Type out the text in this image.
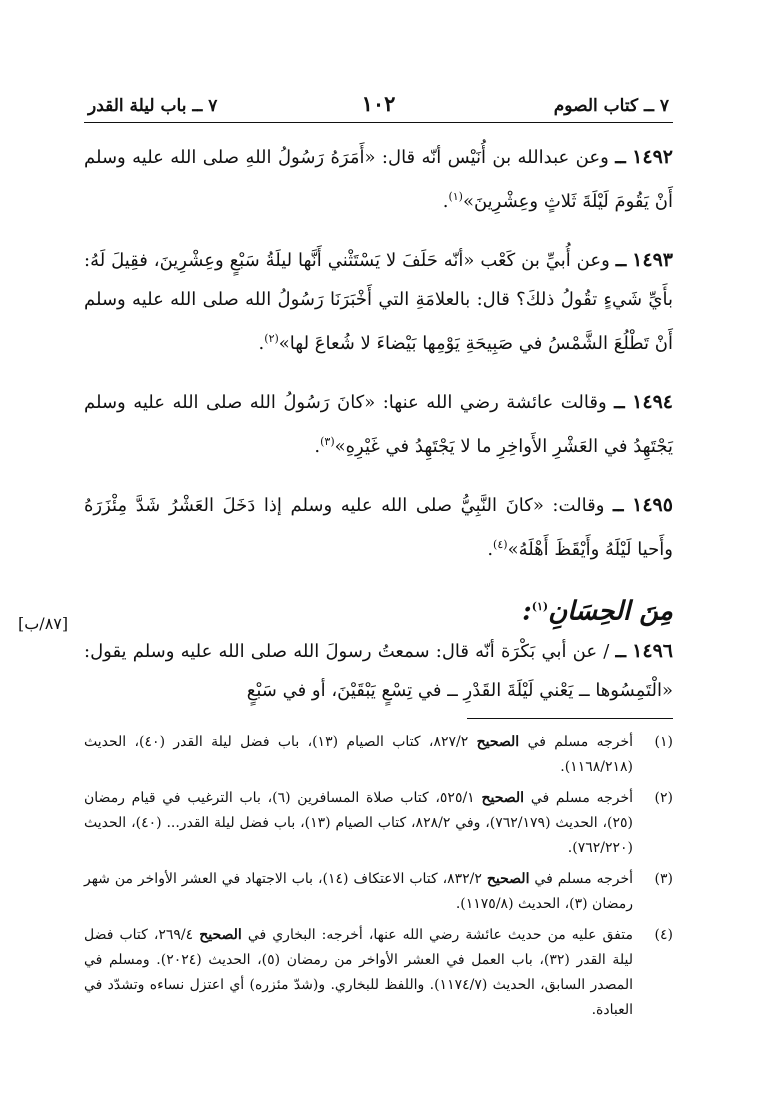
٧ ــ كتاب الصوم
١٠٢
٧ ــ باب ليلة القدر
[٨٧/ب]

١٤٩٢ ــ وعن عبدالله بن أُنَيْس أنّه قال: «أَمَرَهُ رَسُولُ اللهِ صلى الله عليه وسلم أَنْ يَقُومَ لَيْلَةَ ثَلاثٍ وعِشْرِينَ»$^{(١)}$.

١٤٩٣ ــ وعن أُبيِّ بن كَعْب «أنّه حَلَفَ لا يَسْتَثْني أَنَّها ليلَةُ سَبْعٍ وعِشْرِينَ، فقِيلَ لَهُ: بأَيِّ شَيءٍ تقُولُ ذلكَ؟ قال: بالعلامَةِ التي أَخْبَرَنَا رَسُولُ الله صلى الله عليه وسلم أَنْ تَطْلُعَ الشَّمْسُ في صَبِيحَةِ يَوْمِها بَيْضاءَ لا شُعاعَ لها»$^{(٢)}$.

١٤٩٤ ــ وقالت عائشة رضي الله عنها: «كانَ رَسُولُ الله صلى الله عليه وسلم يَجْتَهِدُ في العَشْرِ الأَواخِرِ ما لا يَجْتَهِدُ في غَيْرِهِ»$^{(٣)}$.

١٤٩٥ ــ وقالت: «كانَ النَّبِيُّ صلى الله عليه وسلم إذا دَخَلَ العَشْرُ شَدَّ مِئْزَرَهُ وأَحيا لَيْلَهُ وأَيْقَظَ أَهْلَهُ»$^{(٤)}$.

مِنَ الحِسَانِ$^{(١)}$:

١٤٩٦ ــ / عن أبي بَكْرَة أنّه قال: سمعتُ رسولَ الله صلى الله عليه وسلم يقول: «الْتَمِسُوها ــ يَعْني لَيْلَةَ القَدْرِ ــ في تِسْعٍ يَبْقَيْنَ، أو في سَبْعٍ

(١)
أخرجه مسلم في الصحيح ٨٢٧/٢، كتاب الصيام (١٣)، باب فضل ليلة القدر (٤٠)، الحديث (١١٦٨/٢١٨).
(٢)
أخرجه مسلم في الصحيح ٥٢٥/١، كتاب صلاة المسافرين (٦)، باب الترغيب في قيام رمضان (٢٥)، الحديث (٧٦٢/١٧٩)، وفي ٨٢٨/٢، كتاب الصيام (١٣)، باب فضل ليلة القدر... (٤٠)، الحديث (٧٦٢/٢٢٠).
(٣)
أخرجه مسلم في الصحيح ٨٣٢/٢، كتاب الاعتكاف (١٤)، باب الاجتهاد في العشر الأواخر من شهر رمضان (٣)، الحديث (١١٧٥/٨).
(٤)
متفق عليه من حديث عائشة رضي الله عنها، أخرجه: البخاري في الصحيح ٢٦٩/٤، كتاب فضل ليلة القدر (٣٢)، باب العمل في العشر الأواخر من رمضان (٥)، الحديث (٢٠٢٤). ومسلم في المصدر السابق، الحديث (١١٧٤/٧). واللفظ للبخاري. و(شدّ مئزره) أي اعتزل نساءه وتشدّد في العبادة.
